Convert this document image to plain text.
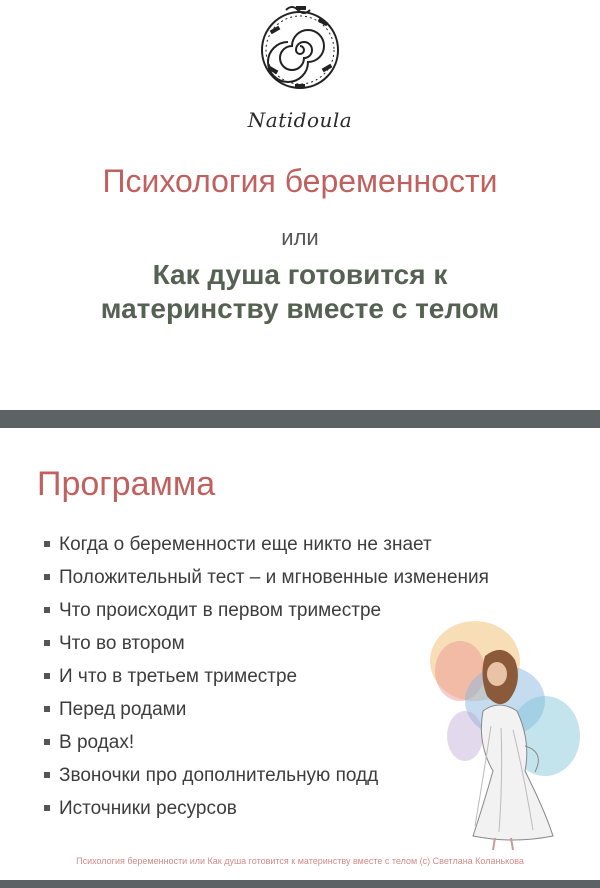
Natidoula
Психология беременности
или
Как душа готовится к
материнству вместе с телом
Программа
Когда о беременности еще никто не знает
Положительный тест – и мгновенные изменения
Что происходит в первом триместре
Что во втором
И что в третьем триместре
Перед родами
В родах!
Звоночки про дополнительную подд
Источники ресурсов
Психология беременности или Как душа готовится к материнству вместе с телом (с) Светлана Коланькова
